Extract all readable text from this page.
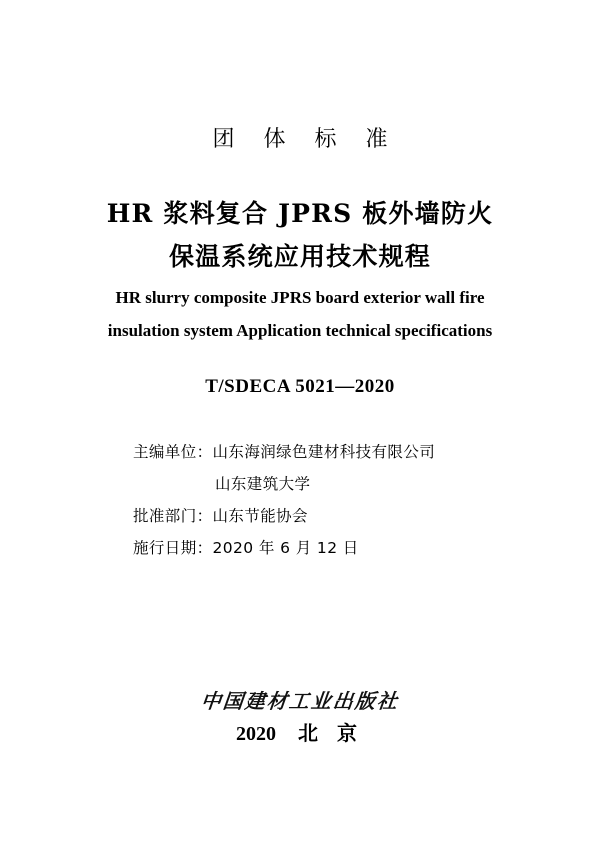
团 体 标 准
HR 浆料复合 JPRS 板外墙防火
保温系统应用技术规程
HR slurry composite JPRS board exterior wall fire
insulation system Application technical specifications
T/SDECA 5021—2020
主编单位：山东海润绿色建材科技有限公司
山东建筑大学
批准部门：山东节能协会
施行日期：2020 年 6 月 12 日
中国建材工业出版社
2020 北 京
